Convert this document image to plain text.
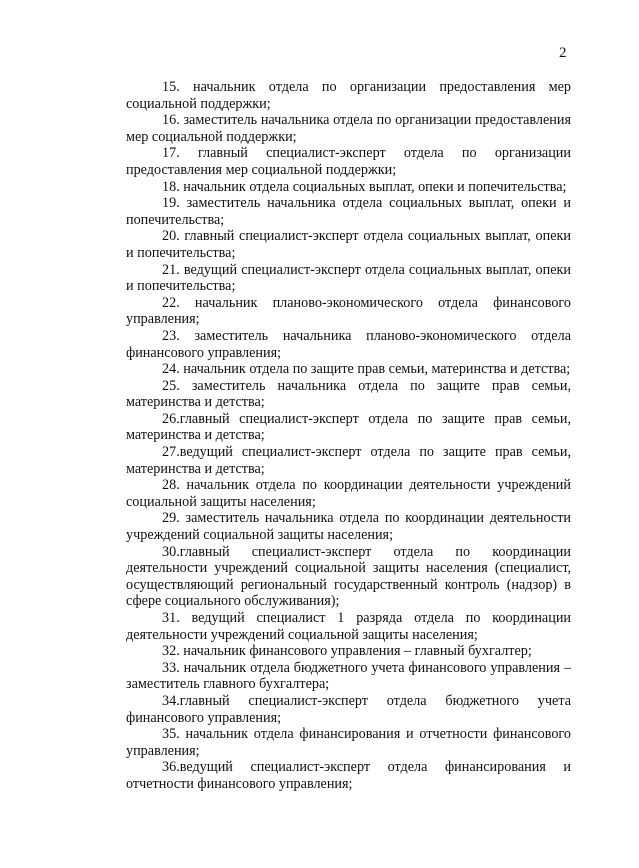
2

15. начальник отдела по организации предоставления мер социальной поддержки;

16. заместитель начальника отдела по организации предоставления мер социальной поддержки;

17. главный специалист-эксперт отдела по организации предоставления мер социальной поддержки;

18. начальник отдела социальных выплат, опеки и попечительства;

19. заместитель начальника отдела социальных выплат, опеки и попечительства;

20. главный специалист-эксперт отдела социальных выплат, опеки и попечительства;

21. ведущий специалист-эксперт отдела социальных выплат, опеки и попечительства;

22. начальник планово-экономического отдела финансового управления;

23. заместитель начальника планово-экономического отдела финансового управления;

24. начальник отдела по защите прав семьи, материнства и детства;

25. заместитель начальника отдела по защите прав семьи, материнства и детства;

26.главный специалист-эксперт отдела по защите прав семьи, материнства и детства;

27.ведущий специалист-эксперт отдела по защите прав семьи, материнства и детства;

28. начальник отдела по координации деятельности учреждений социальной защиты населения;

29. заместитель начальника отдела по координации деятельности учреждений социальной защиты населения;

30.главный специалист-эксперт отдела по координации деятельности учреждений социальной защиты населения (специалист, осуществляющий региональный государственный контроль (надзор) в сфере социального обслуживания);

31. ведущий специалист 1 разряда отдела по координации деятельности учреждений социальной защиты населения;

32. начальник финансового управления – главный бухгалтер;

33. начальник отдела бюджетного учета финансового управления – заместитель главного бухгалтера;

34.главный специалист-эксперт отдела бюджетного учета финансового управления;

35. начальник отдела финансирования и отчетности финансового управления;

36.ведущий специалист-эксперт отдела финансирования и отчетности финансового управления;
